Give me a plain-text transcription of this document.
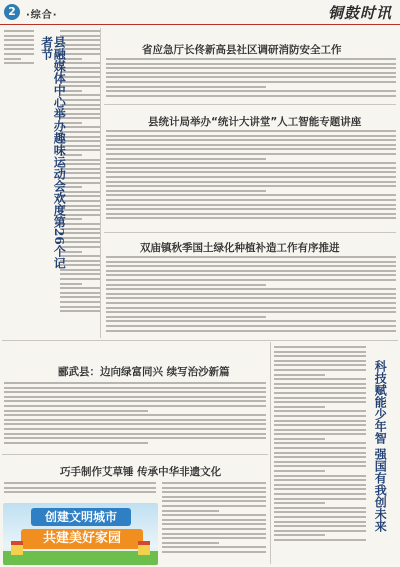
2	·综合·	铜鼓时讯
县融媒体中心举办趣味运动会欢度第26个记者节	省应急厅长佟新高县社区调研消防安全工作
县统计局举办“统计大讲堂”人工智能专题讲座
双庙镇秋季国土绿化种植补造工作有序推进
郦武县：边向绿富同兴 续写治沙新篇	科技赋能少年智 强国有我创未来
巧手制作艾草锤 传承中华非遗文化
创建文明城市
共建美好家园
